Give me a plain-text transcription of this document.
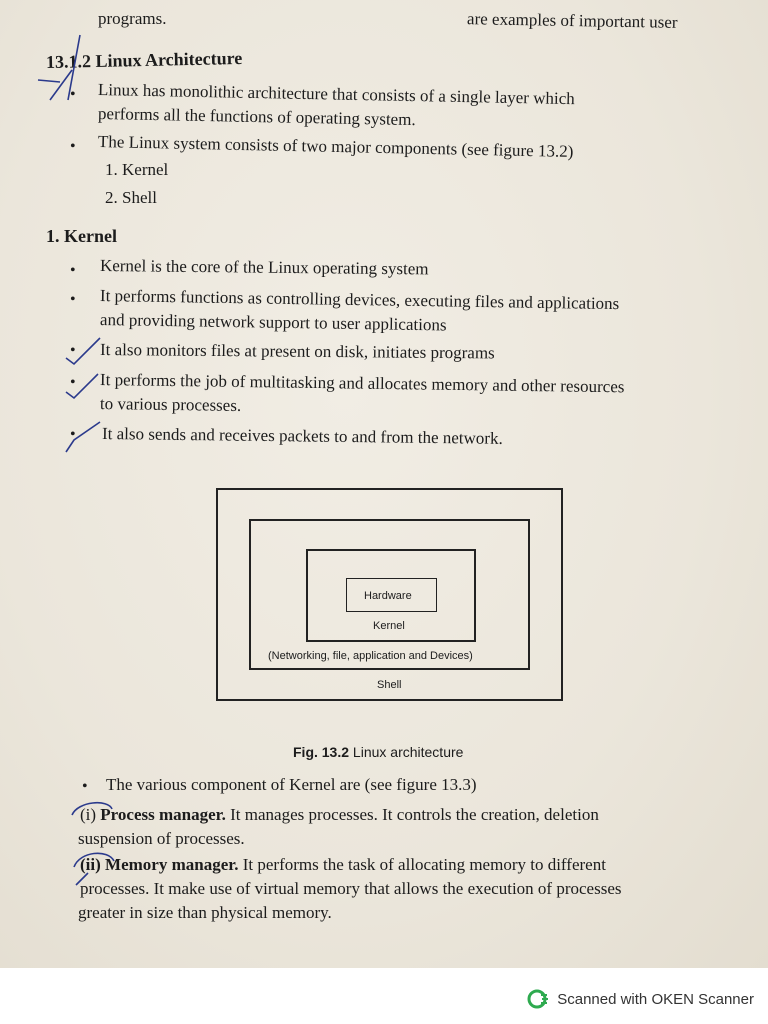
programs.	are examples of important user
13.1.2 Linux Architecture
• Linux has monolithic architecture that consists of a single layer which
performs all the functions of operating system.
• The Linux system consists of two major components (see figure 13.2)
1. Kernel
2. Shell
1. Kernel
• Kernel is the core of the Linux operating system
• It performs functions as controlling devices, executing files and applications
and providing network support to user applications
• It also monitors files at present on disk, initiates programs
• It performs the job of multitasking and allocates memory and other resources
to various processes.
• It also sends and receives packets to and from the network.
Hardware
Kernel
(Networking, file, application and Devices)
Shell
Fig. 13.2 Linux architecture
• The various component of Kernel are (see figure 13.3)
(i) Process manager. It manages processes. It controls the creation, deletion
suspension of processes.
(ii) Memory manager. It performs the task of allocating memory to different
processes. It make use of virtual memory that allows the execution of processes
greater in size than physical memory.
Scanned with OKEN Scanner
